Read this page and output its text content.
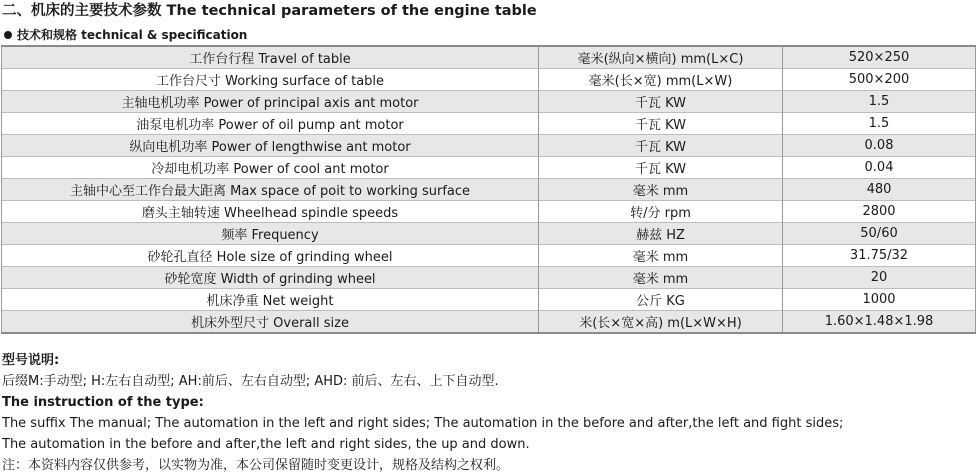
二、机床的主要技术参数 The technical parameters of the engine table
技术和规格 technical & specification
工作台行程 Travel of table	毫米(纵向×横向) mm(L×C)	520×250
工作台尺寸 Working surface of table	毫米(长×宽) mm(L×W)	500×200
主轴电机功率 Power of principal axis ant motor	千瓦 KW	1.5
油泵电机功率 Power of oil pump ant motor	千瓦 KW	1.5
纵向电机功率 Power of lengthwise ant motor	千瓦 KW	0.08
冷却电机功率 Power of cool ant motor	千瓦 KW	0.04
主轴中心至工作台最大距离 Max space of poit to working surface	毫米 mm	480
磨头主轴转速 Wheelhead spindle speeds	转/分 rpm	2800
频率 Frequency	赫兹 HZ	50/60
砂轮孔直径 Hole size of grinding wheel	毫米 mm	31.75/32
砂轮宽度 Width of grinding wheel	毫米 mm	20
机床净重 Net weight	公斤 KG	1000
机床外型尺寸 Overall size	米(长×宽×高) m(L×W×H)	1.60×1.48×1.98
型号说明:
后缀M:手动型; H:左右自动型; AH:前后、左右自动型; AHD: 前后、左右、上下自动型.
The instruction of the type:
The suffix The manual; The automation in the left and right sides; The automation in the before and after,the left and fight sides;
The automation in the before and after,the left and right sides, the up and down.
注：本资料内容仅供参考，以实物为准，本公司保留随时变更设计，规格及结构之权利。
